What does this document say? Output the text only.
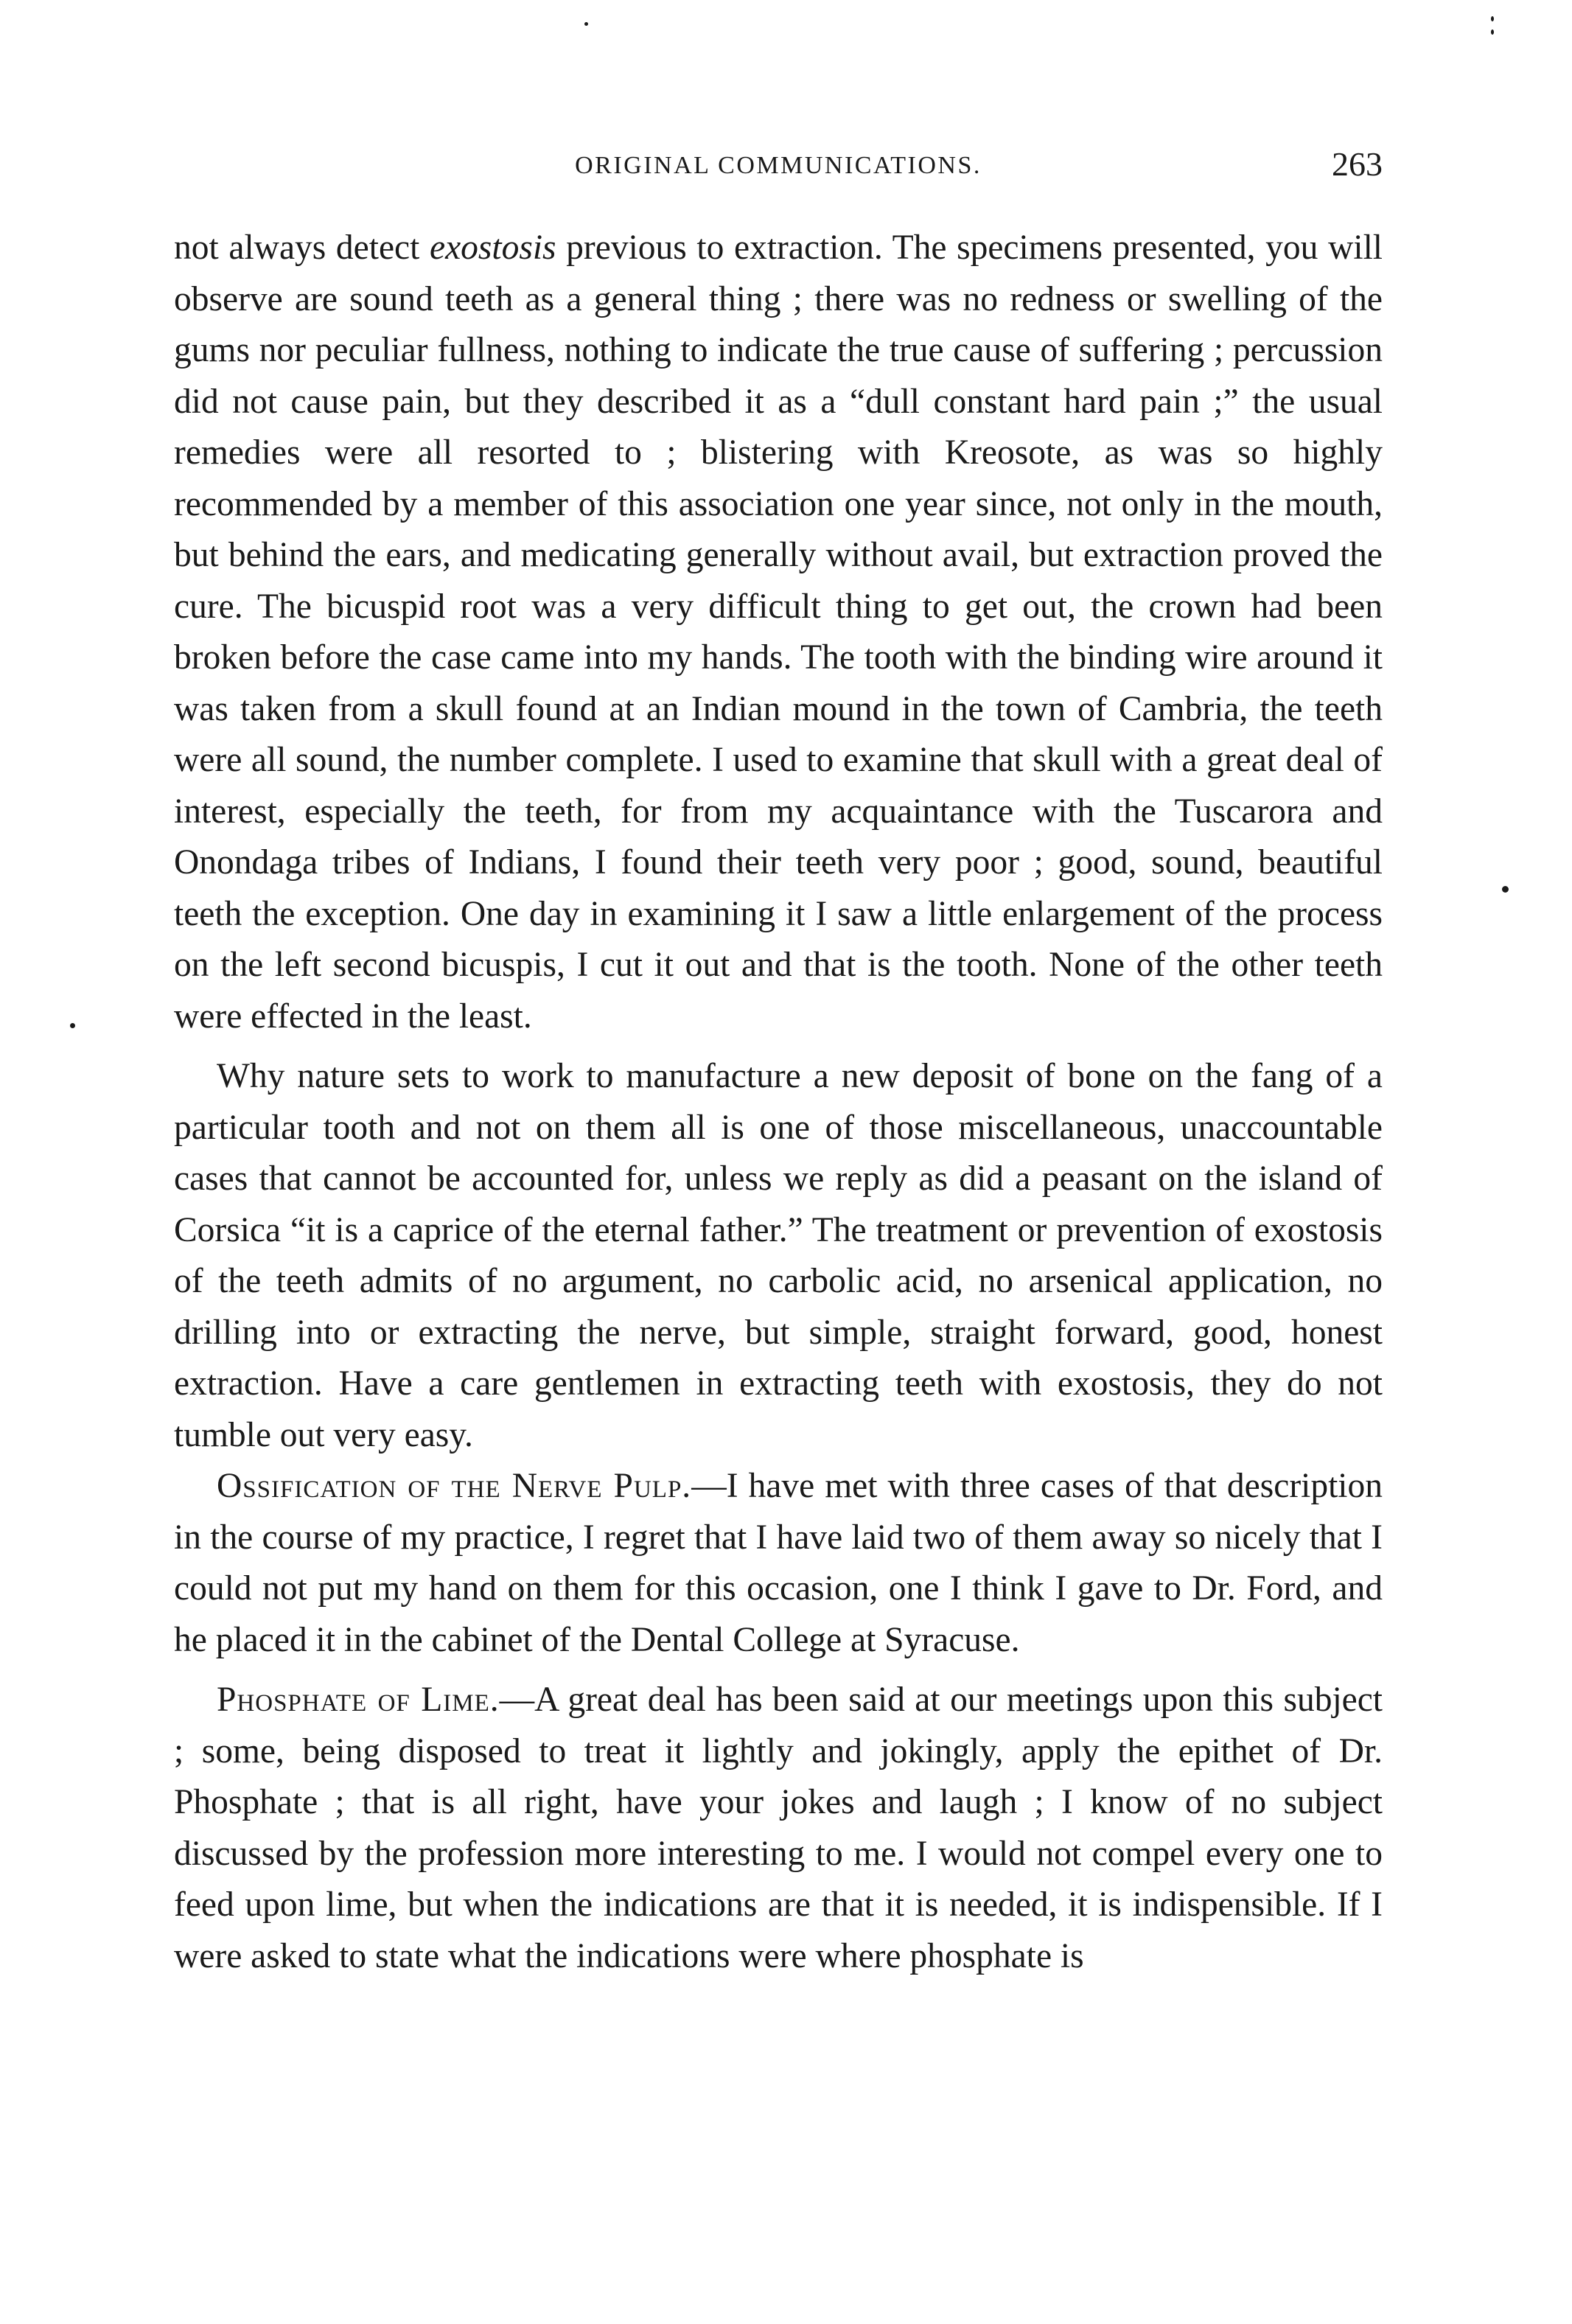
ORIGINAL COMMUNICATIONS.	263

not always detect exostosis previous to extraction. The specimens presented, you will observe are sound teeth as a general thing ; there was no redness or swelling of the gums nor peculiar fullness, nothing to indicate the true cause of suffering ; percussion did not cause pain, but they described it as a “dull constant hard pain ;” the usual remedies were all resorted to ; blistering with Kreosote, as was so highly recommended by a member of this association one year since, not only in the mouth, but behind the ears, and medicating generally without avail, but extraction proved the cure. The bicuspid root was a very difficult thing to get out, the crown had been broken before the case came into my hands. The tooth with the binding wire around it was taken from a skull found at an Indian mound in the town of Cambria, the teeth were all sound, the number complete. I used to examine that skull with a great deal of interest, especially the teeth, for from my acquaintance with the Tuscarora and Onondaga tribes of Indians, I found their teeth very poor ; good, sound, beautiful teeth the exception. One day in examining it I saw a little enlargement of the process on the left second bicuspis, I cut it out and that is the tooth. None of the other teeth were effected in the least.

Why nature sets to work to manufacture a new deposit of bone on the fang of a particular tooth and not on them all is one of those miscellaneous, unaccountable cases that cannot be accounted for, unless we reply as did a peasant on the island of Corsica “it is a caprice of the eternal father.” The treatment or prevention of exostosis of the teeth admits of no argument, no carbolic acid, no arsenical application, no drilling into or extracting the nerve, but simple, straight forward, good, honest extraction. Have a care gentlemen in extracting teeth with exostosis, they do not tumble out very easy.

Ossification of the Nerve Pulp.—I have met with three cases of that description in the course of my practice, I regret that I have laid two of them away so nicely that I could not put my hand on them for this occasion, one I think I gave to Dr. Ford, and he placed it in the cabinet of the Dental College at Syracuse.

Phosphate of Lime.—A great deal has been said at our meetings upon this subject ; some, being disposed to treat it lightly and jokingly, apply the epithet of Dr. Phosphate ; that is all right, have your jokes and laugh ; I know of no subject discussed by the profession more interesting to me. I would not compel every one to feed upon lime, but when the indications are that it is needed, it is indispensible. If I were asked to state what the indications were where phosphate is
